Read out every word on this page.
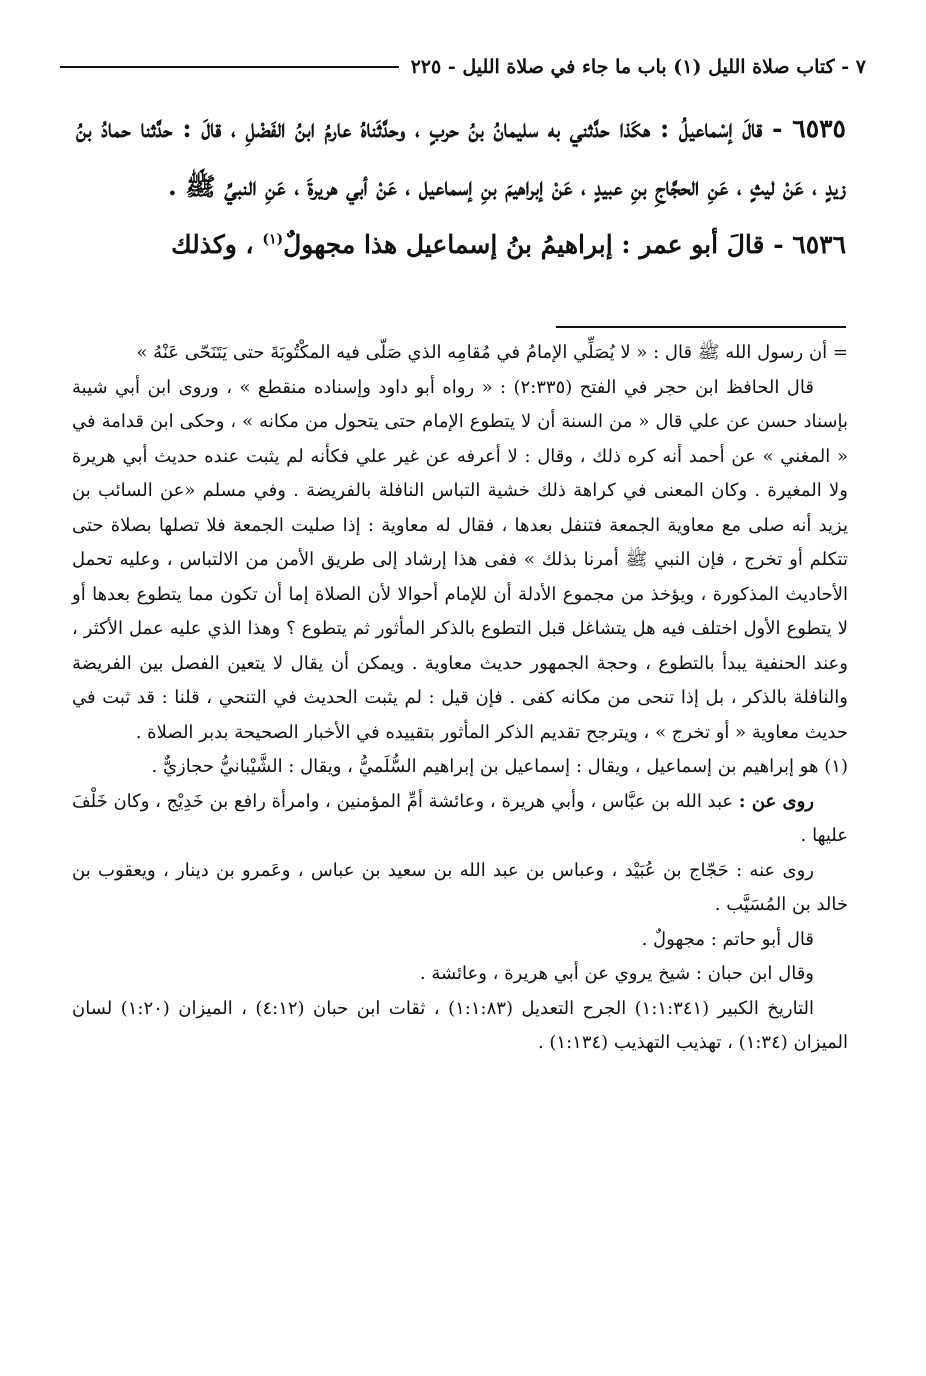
٧ - كتاب صلاة الليل (١) باب ما جاء في صلاة الليل - ٢٢٥

٦٥٣٥ - قالَ إسْماعيلُ : هكَذا حدَّثني به سليمانُ بنُ حربٍ ، وحدَّثَناهُ عارمُ ابنُ الفَضْلِ ، قالَ : حدَّثنا حمادُ بنُ زيدٍ ، عَنْ ليثٍ ، عَنِ الحجَّاجِ بنِ عبيدٍ ، عَنْ إبراهيمَ بنِ إسماعيل ، عَنْ أبي هريرةَ ، عَنِ النبيِّ ﷺ .

٦٥٣٦ - قالَ أبو عمر : إبراهيمُ بنُ إسماعيل هذا مجهولٌ$^{(١)}$ ، وكذلك

= أن رسول الله ﷺ قال : « لا يُصَلِّي الإمامُ في مُقامِه الذي صَلّى فيه المكْتُوبَةَ حتى يَتَنَحّى عَنْهُ »

قال الحافظ ابن حجر في الفتح (٢:٣٣٥) : « رواه أبو داود وإسناده منقطع » ، وروى ابن أبي شيبة بإسناد حسن عن علي قال « من السنة أن لا يتطوع الإمام حتى يتحول من مكانه » ، وحكى ابن قدامة في « المغني » عن أحمد أنه كره ذلك ، وقال : لا أعرفه عن غير علي فكأنه لم يثبت عنده حديث أبي هريرة ولا المغيرة . وكان المعنى في كراهة ذلك خشية التباس النافلة بالفريضة . وفي مسلم «عن السائب بن يزيد أنه صلى مع معاوية الجمعة فتنفل بعدها ، فقال له معاوية : إذا صليت الجمعة فلا تصلها بصلاة حتى تتكلم أو تخرج ، فإن النبي ﷺ أمرنا بذلك » ففى هذا إرشاد إلى طريق الأمن من الالتباس ، وعليه تحمل الأحاديث المذكورة ، ويؤخذ من مجموع الأدلة أن للإمام أحوالا لأن الصلاة إما أن تكون مما يتطوع بعدها أو لا يتطوع الأول اختلف فيه هل يتشاغل قبل التطوع بالذكر المأثور ثم يتطوع ؟ وهذا الذي عليه عمل الأكثر ، وعند الحنفية يبدأ بالتطوع ، وحجة الجمهور حديث معاوية . ويمكن أن يقال لا يتعين الفصل بين الفريضة والنافلة بالذكر ، بل إذا تنحى من مكانه كفى . فإن قيل : لم يثبت الحديث في التنحي ، قلنا : قد ثبت في حديث معاوية « أو تخرج » ، ويترجح تقديم الذكر المأثور بتقييده في الأخبار الصحيحة بدبر الصلاة .

(١) هو إبراهيم بن إسماعيل ، ويقال : إسماعيل بن إبراهيم السُّلَميُّ ، ويقال : الشَّيْبانيُّ حجازيٌّ .

روى عن : عبد الله بن عبَّاس ، وأبي هريرة ، وعائشة أمِّ المؤمنين ، وامرأة رافع بن خَدِيْج ، وكان خَلْفَ عليها .

روى عنه : حَجّاج بن عُبَيْد ، وعباس بن عبد الله بن سعيد بن عباس ، وعَمرو بن دينار ، ويعقوب بن خالد بن المُسَيَّب .

قال أبو حاتم : مجهولٌ .

وقال ابن حبان : شيخ يروي عن أبي هريرة ، وعائشة .

التاريخ الكبير (١:١:٣٤١) الجرح التعديل (١:١:٨٣) ، ثقات ابن حبان (٤:١٢) ، الميزان (١:٢٠) لسان الميزان (١:٣٤) ، تهذيب التهذيب (١:١٣٤) .
